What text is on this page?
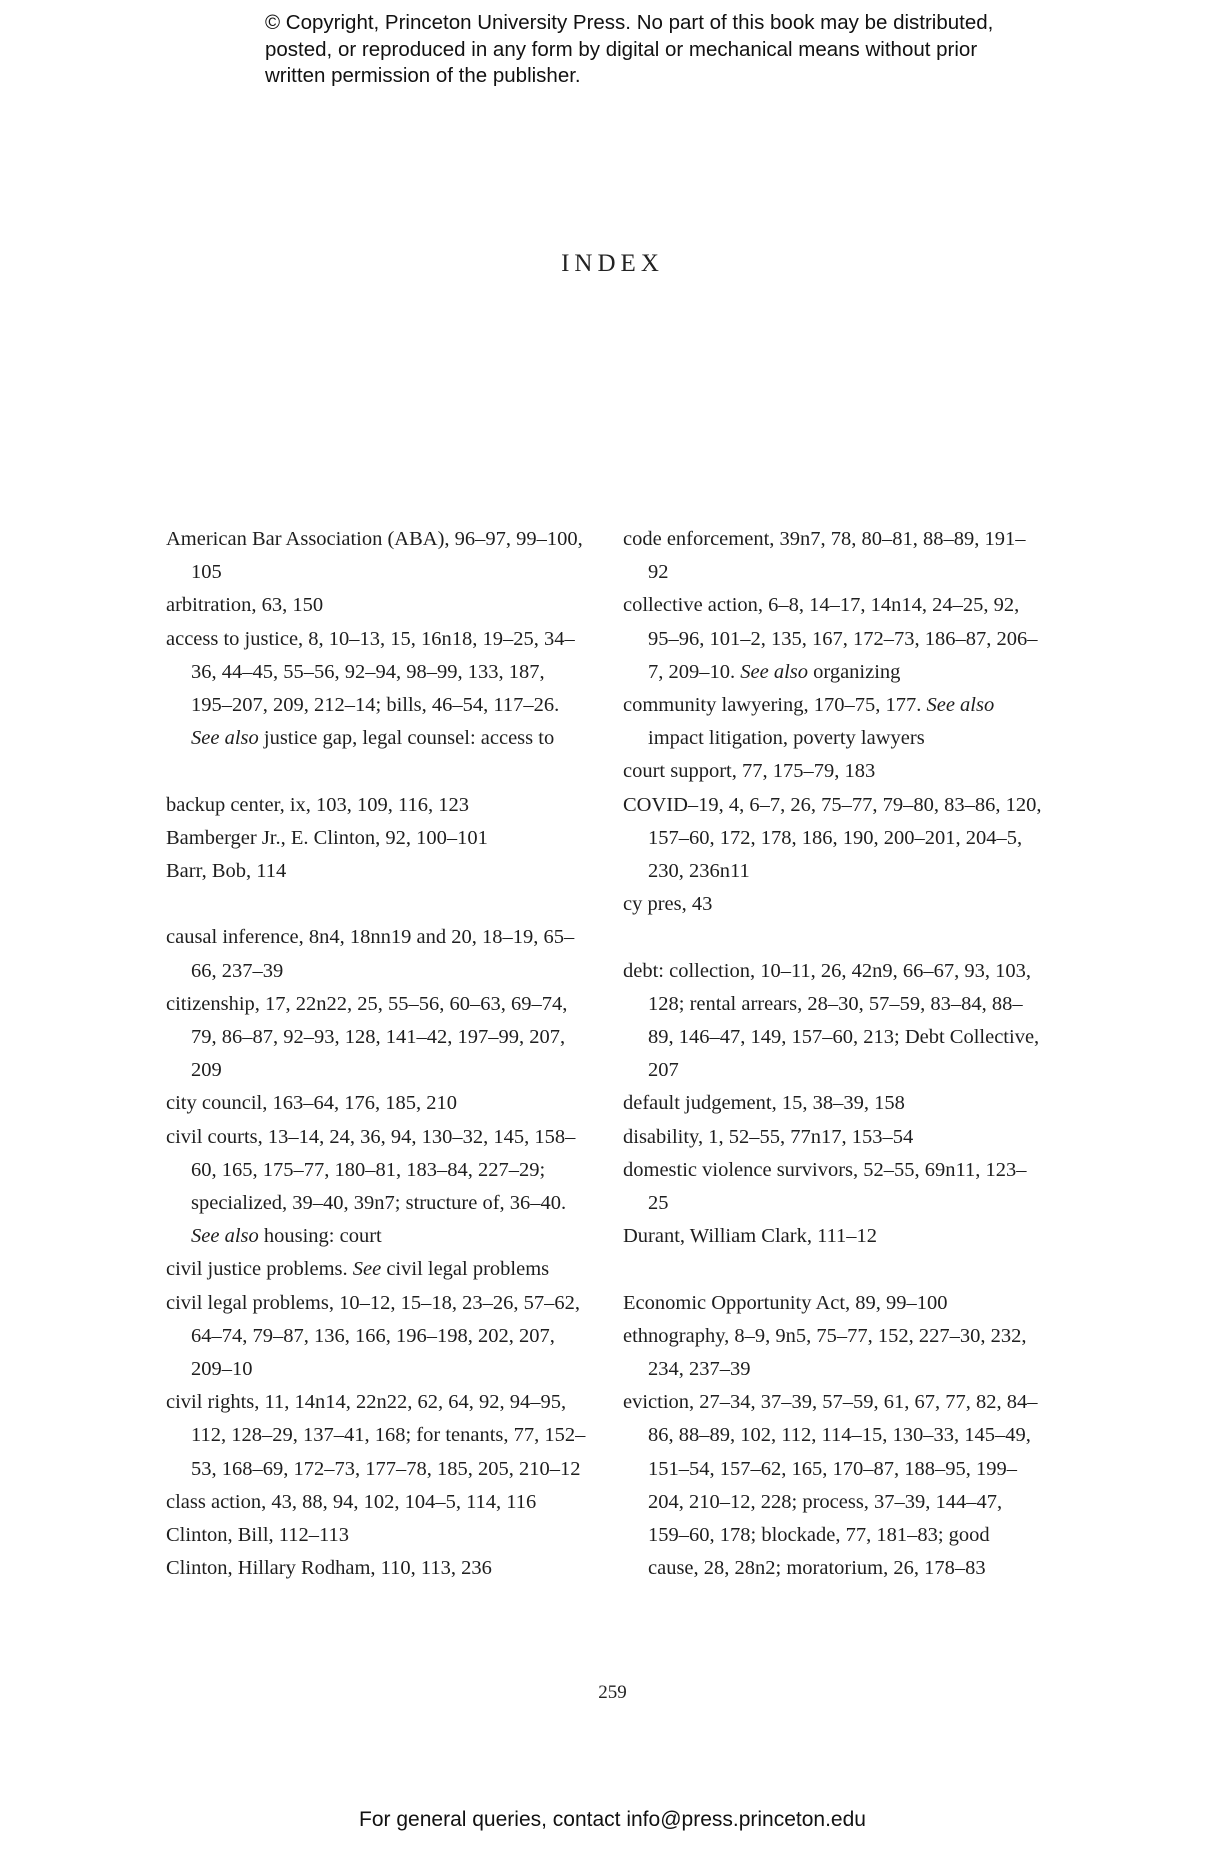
© Copyright, Princeton University Press. No part of this book may be distributed, posted, or reproduced in any form by digital or mechanical means without prior written permission of the publisher.
INDEX

American Bar Association (ABA), 96–97, 99–100, 105

arbitration, 63, 150

access to justice, 8, 10–13, 15, 16n18, 19–25, 34–36, 44–45, 55–56, 92–94, 98–99, 133, 187, 195–207, 209, 212–14; bills, 46–54, 117–26. See also justice gap, legal counsel: access to

backup center, ix, 103, 109, 116, 123

Bamberger Jr., E. Clinton, 92, 100–101

Barr, Bob, 114

causal inference, 8n4, 18nn19 and 20, 18–19, 65–66, 237–39

citizenship, 17, 22n22, 25, 55–56, 60–63, 69–74, 79, 86–87, 92–93, 128, 141–42, 197–99, 207, 209

city council, 163–64, 176, 185, 210

civil courts, 13–14, 24, 36, 94, 130–32, 145, 158–60, 165, 175–77, 180–81, 183–84, 227–29; specialized, 39–40, 39n7; structure of, 36–40. See also housing: court

civil justice problems. See civil legal problems

civil legal problems, 10–12, 15–18, 23–26, 57–62, 64–74, 79–87, 136, 166, 196–198, 202, 207, 209–10

civil rights, 11, 14n14, 22n22, 62, 64, 92, 94–95, 112, 128–29, 137–41, 168; for tenants, 77, 152–53, 168–69, 172–73, 177–78, 185, 205, 210–12

class action, 43, 88, 94, 102, 104–5, 114, 116

Clinton, Bill, 112–113

Clinton, Hillary Rodham, 110, 113, 236

code enforcement, 39n7, 78, 80–81, 88–89, 191–92

collective action, 6–8, 14–17, 14n14, 24–25, 92, 95–96, 101–2, 135, 167, 172–73, 186–87, 206–7, 209–10. See also organizing

community lawyering, 170–75, 177. See also impact litigation, poverty lawyers

court support, 77, 175–79, 183

COVID–19, 4, 6–7, 26, 75–77, 79–80, 83–86, 120, 157–60, 172, 178, 186, 190, 200–201, 204–5, 230, 236n11

cy pres, 43

debt: collection, 10–11, 26, 42n9, 66–67, 93, 103, 128; rental arrears, 28–30, 57–59, 83–84, 88–89, 146–47, 149, 157–60, 213; Debt Collective, 207

default judgement, 15, 38–39, 158

disability, 1, 52–55, 77n17, 153–54

domestic violence survivors, 52–55, 69n11, 123–25

Durant, William Clark, 111–12

Economic Opportunity Act, 89, 99–100

ethnography, 8–9, 9n5, 75–77, 152, 227–30, 232, 234, 237–39

eviction, 27–34, 37–39, 57–59, 61, 67, 77, 82, 84–86, 88–89, 102, 112, 114–15, 130–33, 145–49, 151–54, 157–62, 165, 170–87, 188–95, 199–204, 210–12, 228; process, 37–39, 144–47, 159–60, 178; blockade, 77, 181–83; good cause, 28, 28n2; moratorium, 26, 178–83

259
For general queries, contact info@press.princeton.edu
